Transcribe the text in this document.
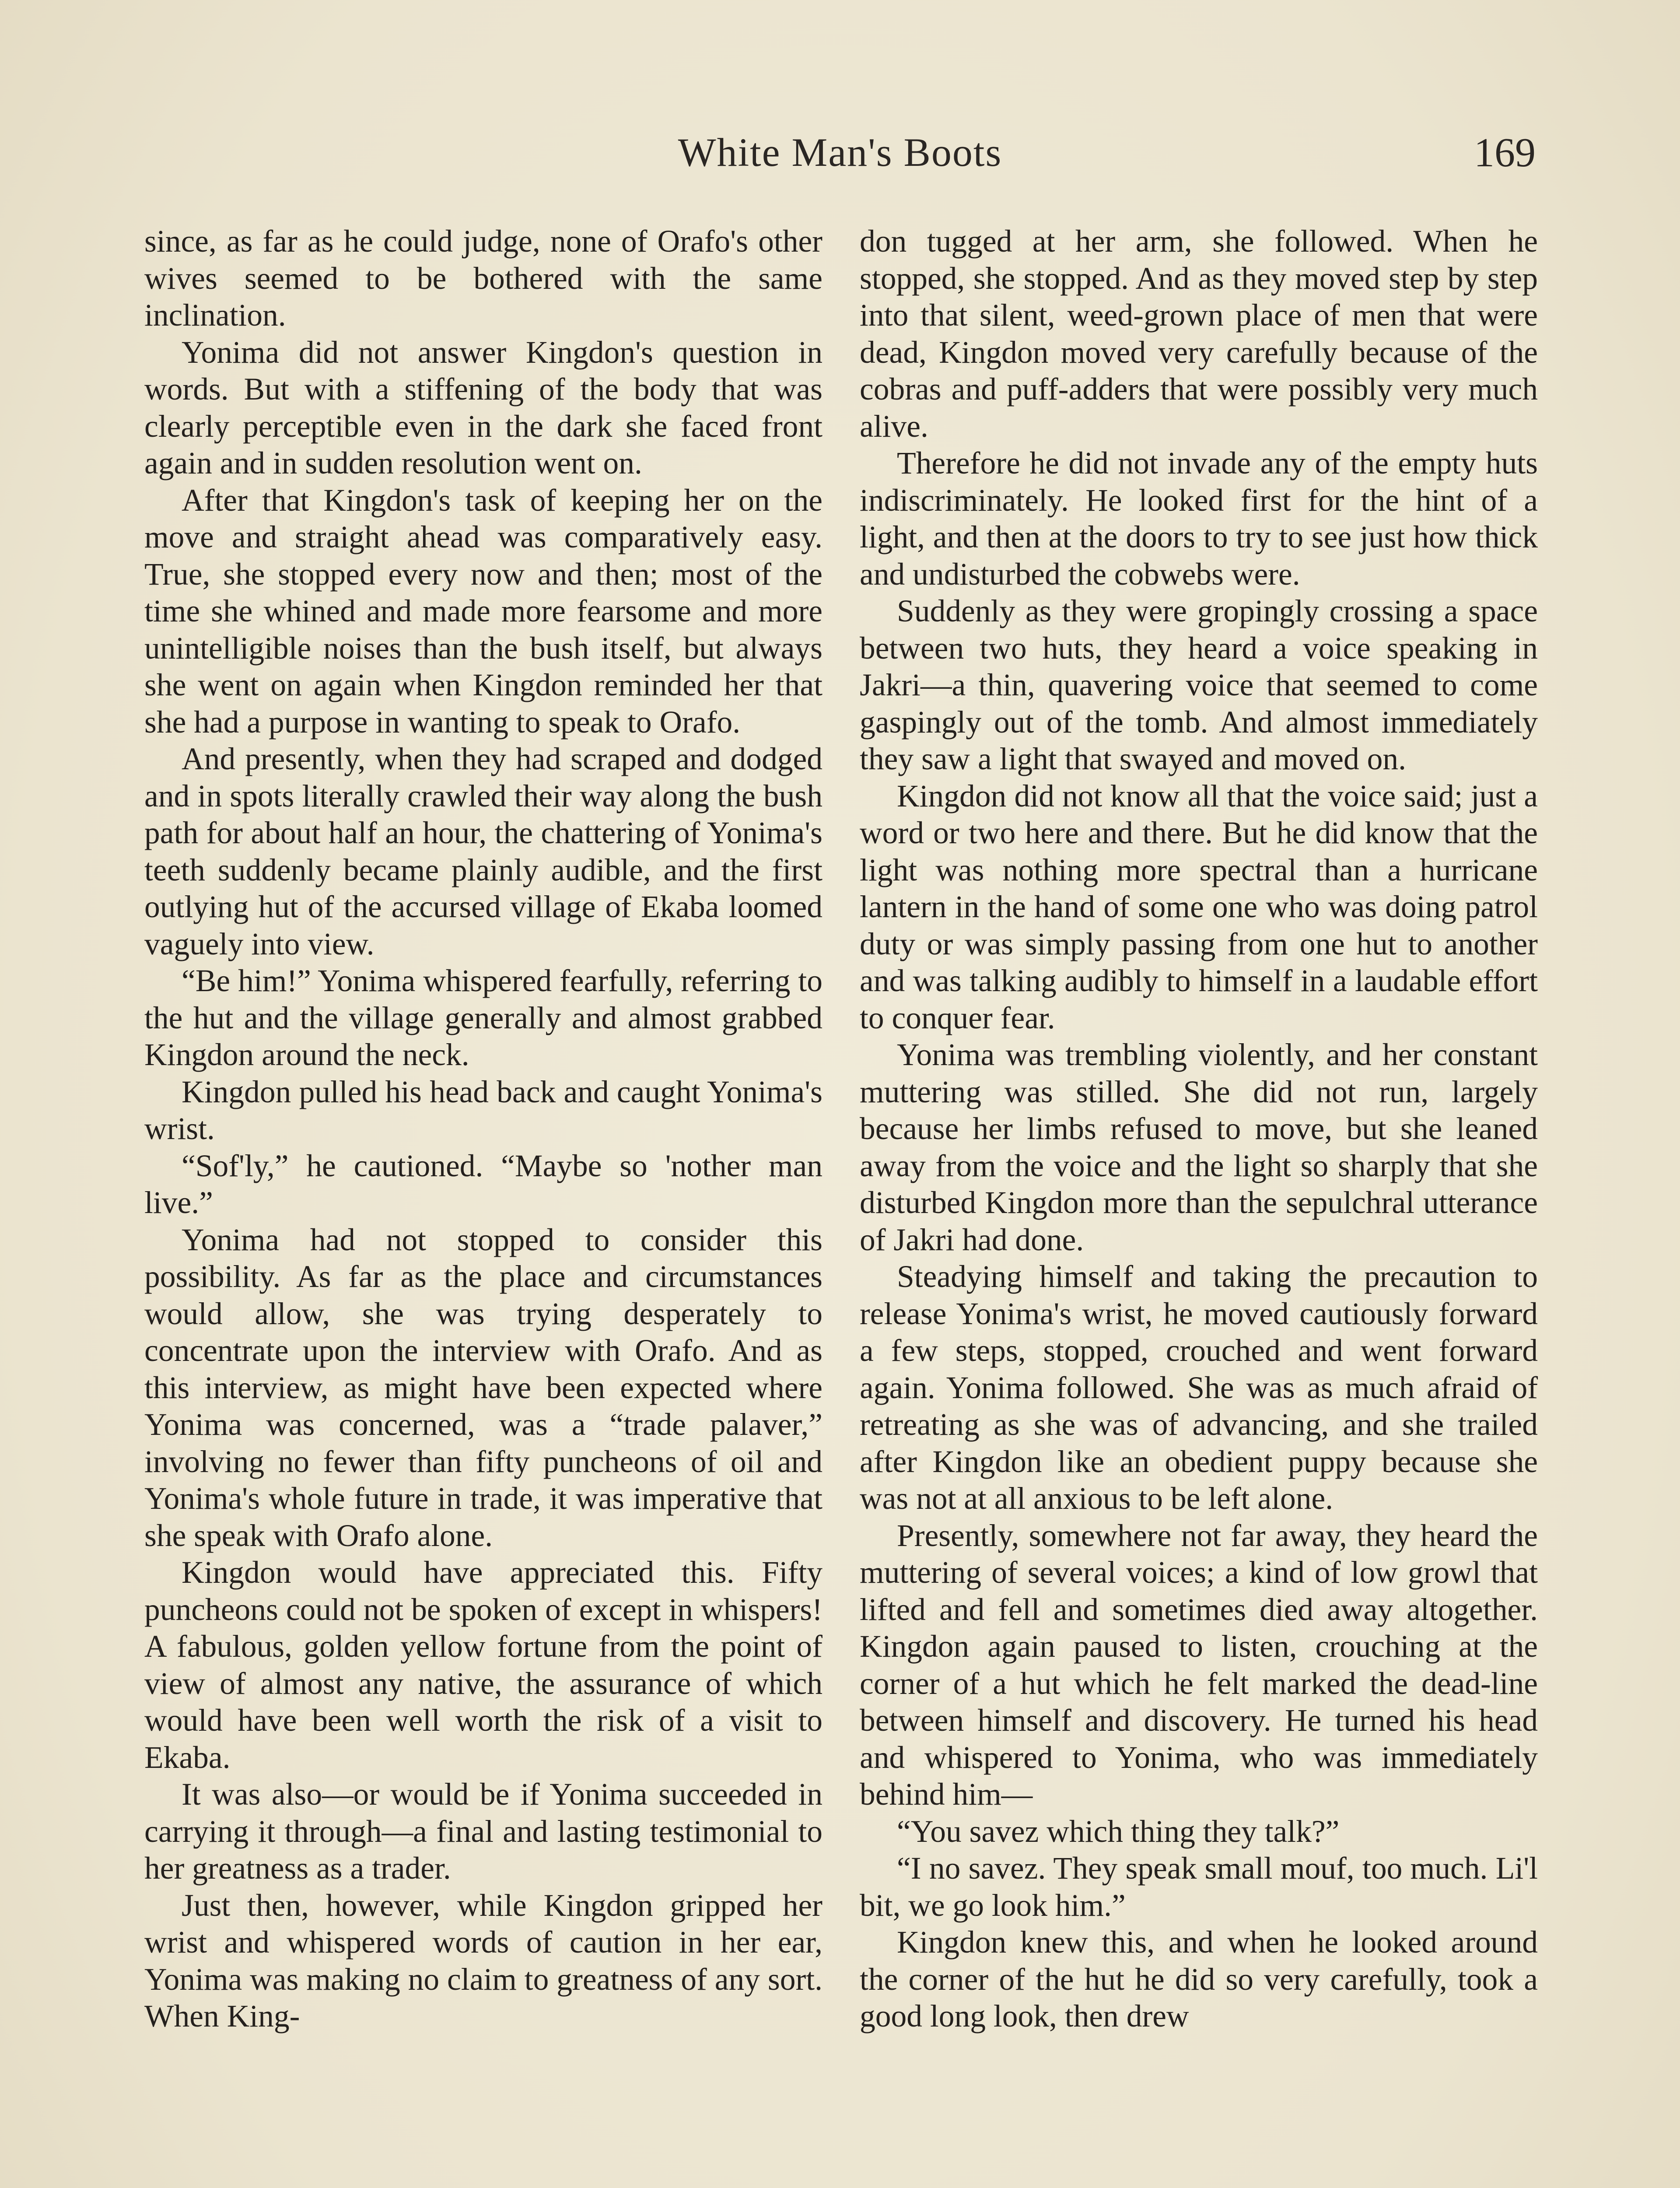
White Man's Boots	169

since, as far as he could judge, none of Orafo's other wives seemed to be bothered with the same inclination.

Yonima did not answer Kingdon's question in words. But with a stiffening of the body that was clearly perceptible even in the dark she faced front again and in sudden resolution went on.

After that Kingdon's task of keeping her on the move and straight ahead was comparatively easy. True, she stopped every now and then; most of the time she whined and made more fearsome and more unintelligible noises than the bush itself, but always she went on again when Kingdon reminded her that she had a purpose in wanting to speak to Orafo.

And presently, when they had scraped and dodged and in spots literally crawled their way along the bush path for about half an hour, the chattering of Yonima's teeth suddenly became plainly audible, and the first outlying hut of the accursed village of Ekaba loomed vaguely into view.

“Be him!” Yonima whispered fearfully, referring to the hut and the village generally and almost grabbed Kingdon around the neck.

Kingdon pulled his head back and caught Yonima's wrist.

“Sof'ly,” he cautioned. “Maybe so 'nother man live.”

Yonima had not stopped to consider this possibility. As far as the place and circumstances would allow, she was trying desperately to concentrate upon the interview with Orafo. And as this interview, as might have been expected where Yonima was concerned, was a “trade palaver,” involving no fewer than fifty puncheons of oil and Yonima's whole future in trade, it was imperative that she speak with Orafo alone.

Kingdon would have appreciated this. Fifty puncheons could not be spoken of except in whispers! A fabulous, golden yellow fortune from the point of view of almost any native, the assurance of which would have been well worth the risk of a visit to Ekaba.

It was also—or would be if Yonima succeeded in carrying it through—a final and lasting testimonial to her greatness as a trader.

Just then, however, while Kingdon gripped her wrist and whispered words of caution in her ear, Yonima was making no claim to greatness of any sort. When King-

don tugged at her arm, she followed. When he stopped, she stopped. And as they moved step by step into that silent, weed-grown place of men that were dead, Kingdon moved very carefully because of the cobras and puff-adders that were possibly very much alive.

Therefore he did not invade any of the empty huts indiscriminately. He looked first for the hint of a light, and then at the doors to try to see just how thick and undisturbed the cobwebs were.

Suddenly as they were gropingly crossing a space between two huts, they heard a voice speaking in Jakri—a thin, quavering voice that seemed to come gaspingly out of the tomb. And almost immediately they saw a light that swayed and moved on.

Kingdon did not know all that the voice said; just a word or two here and there. But he did know that the light was nothing more spectral than a hurricane lantern in the hand of some one who was doing patrol duty or was simply passing from one hut to another and was talking audibly to himself in a laudable effort to conquer fear.

Yonima was trembling violently, and her constant muttering was stilled. She did not run, largely because her limbs refused to move, but she leaned away from the voice and the light so sharply that she disturbed Kingdon more than the sepulchral utterance of Jakri had done.

Steadying himself and taking the precaution to release Yonima's wrist, he moved cautiously forward a few steps, stopped, crouched and went forward again. Yonima followed. She was as much afraid of retreating as she was of advancing, and she trailed after Kingdon like an obedient puppy because she was not at all anxious to be left alone.

Presently, somewhere not far away, they heard the muttering of several voices; a kind of low growl that lifted and fell and sometimes died away altogether. Kingdon again paused to listen, crouching at the corner of a hut which he felt marked the dead-line between himself and discovery. He turned his head and whispered to Yonima, who was immediately behind him—

“You savez which thing they talk?”

“I no savez. They speak small mouf, too much. Li'l bit, we go look him.”

Kingdon knew this, and when he looked around the corner of the hut he did so very carefully, took a good long look, then drew
